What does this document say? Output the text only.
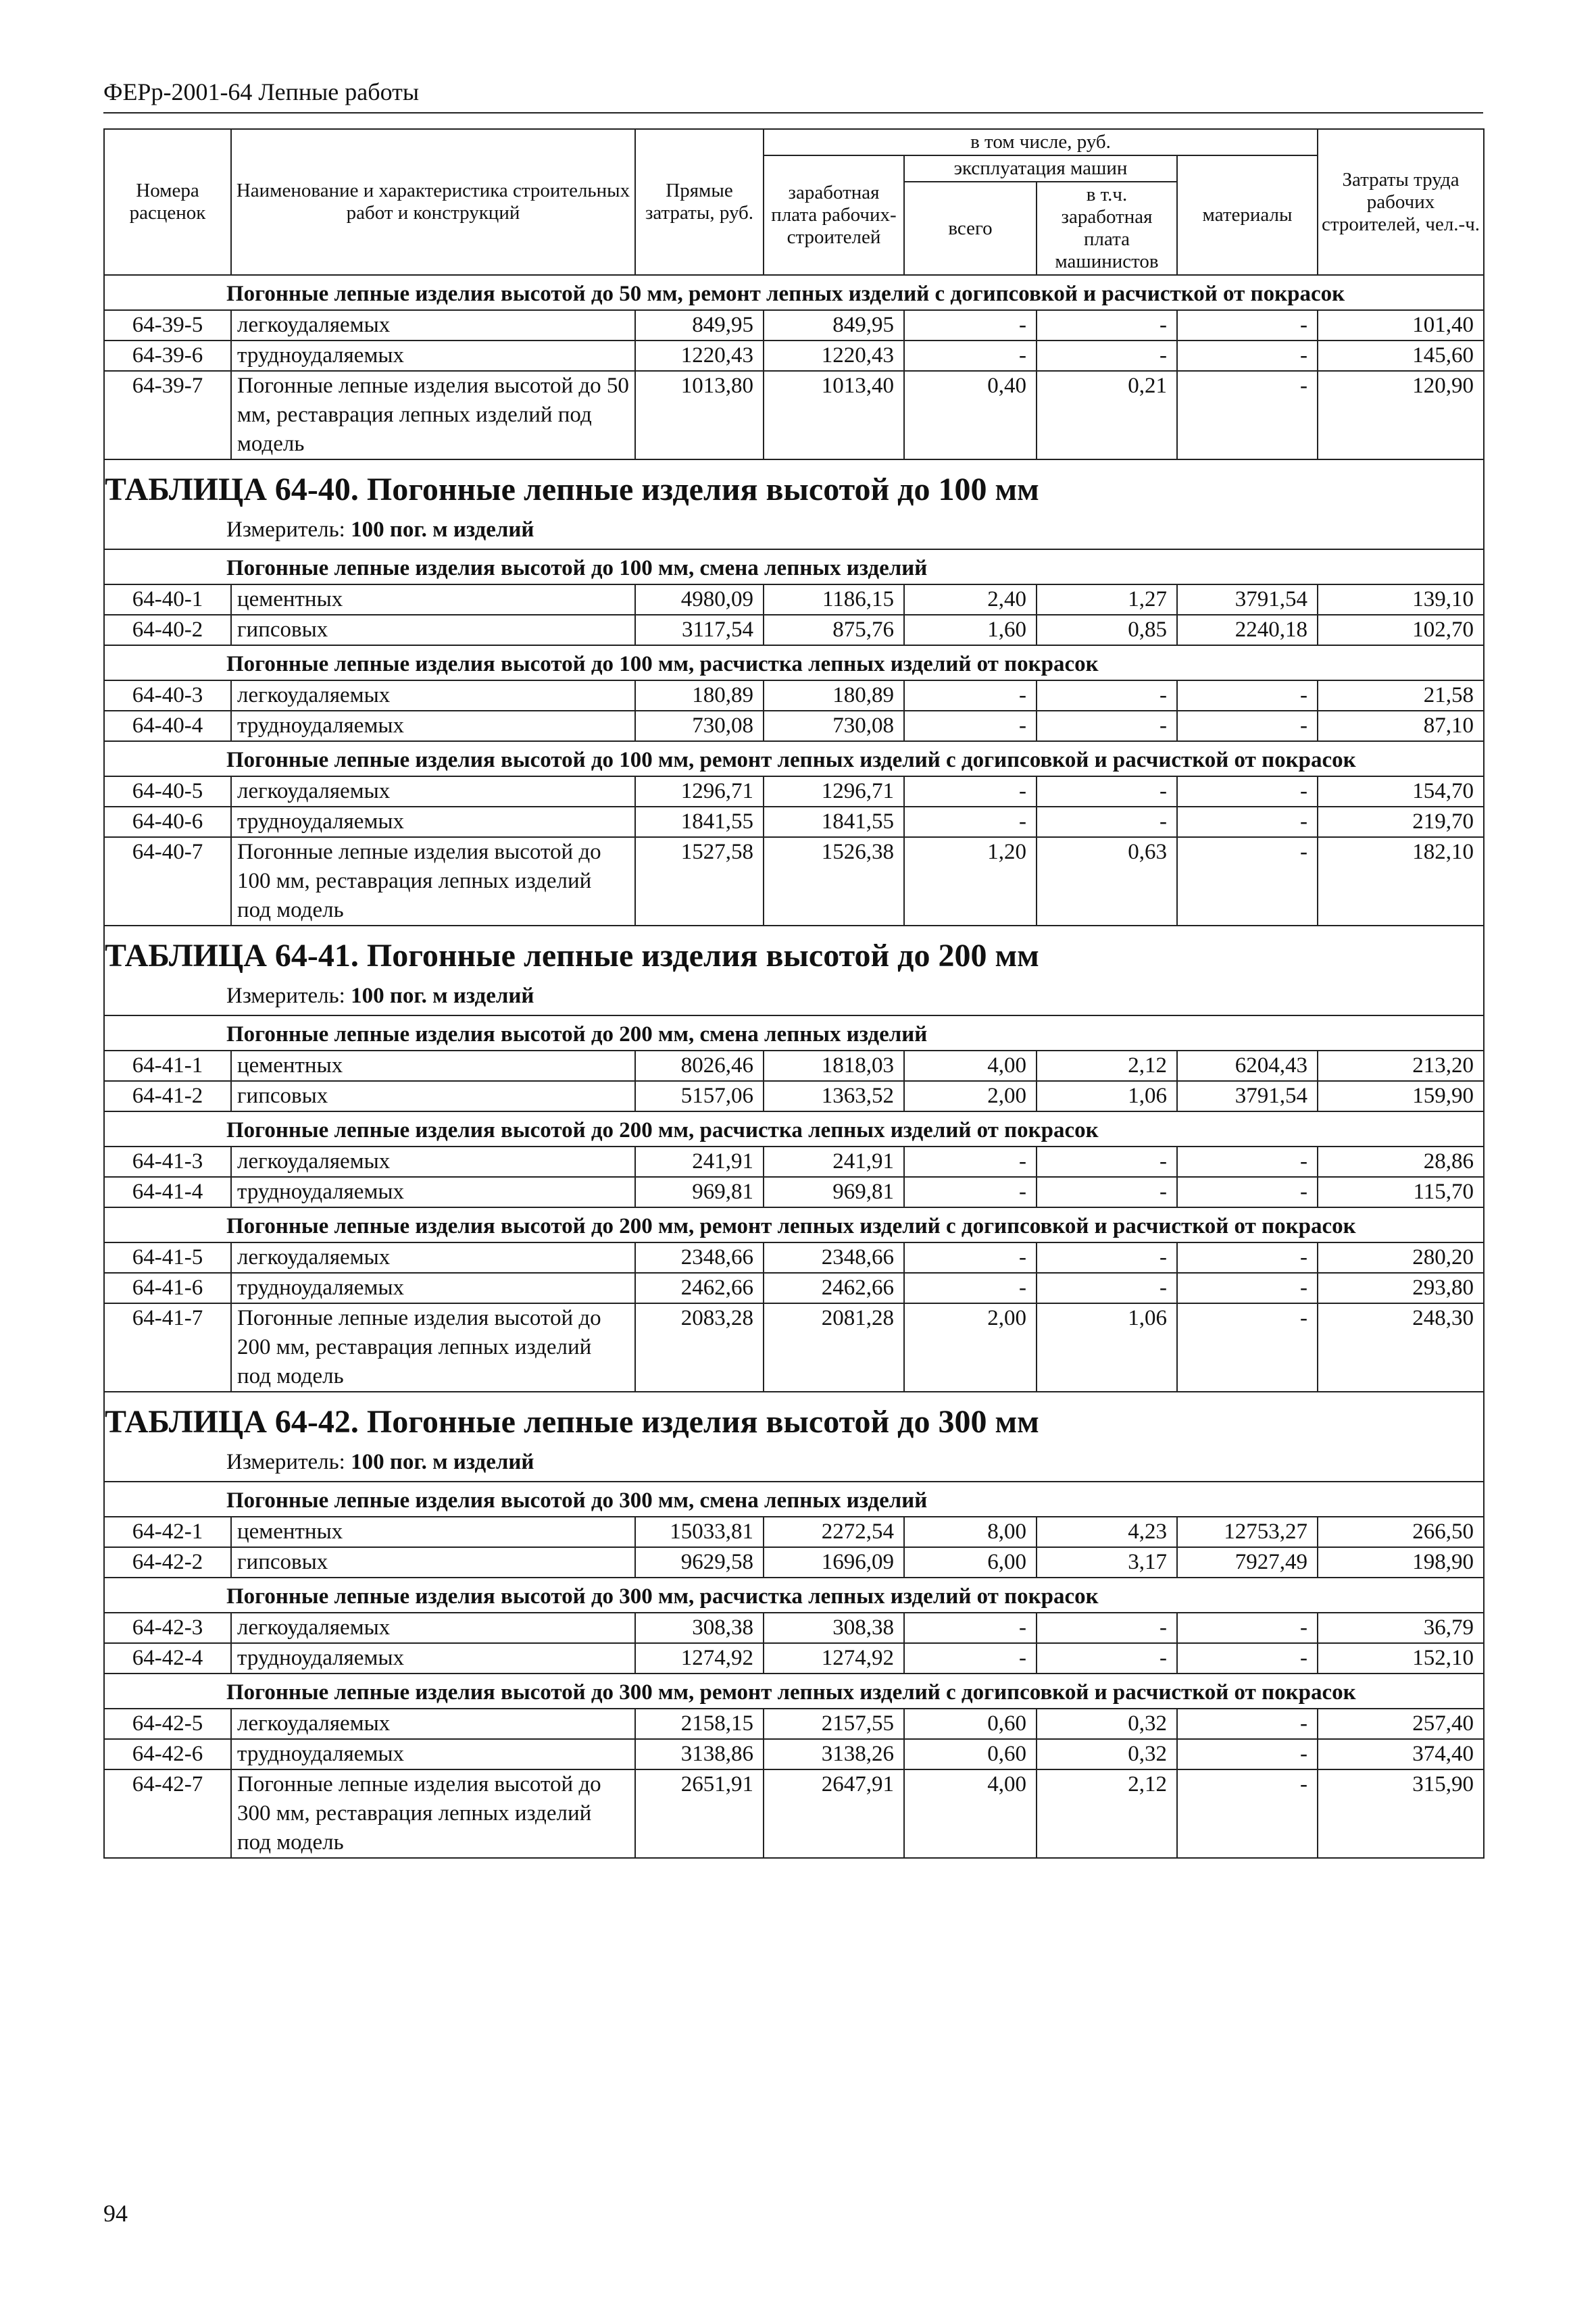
ФЕРр-2001-64 Лепные работы
Номера расценок	Наименование и характеристика строительных работ и конструкций	Прямые затраты, руб.	в том числе, руб.				Затраты труда рабочих строителей, чел.-ч.
			заработная плата рабочих-строителей	эксплуатация машин		материалы	
				всего	в т.ч. заработная плата машинистов		
Погонные лепные изделия высотой до 50 мм, ремонт лепных изделий с догипсовкой и расчисткой от покрасок							
64-39-5	легкоудаляемых	849,95	849,95	-	-	-	101,40
64-39-6	трудноудаляемых	1220,43	1220,43	-	-	-	145,60
64-39-7	Погонные лепные изделия высотой до 50 мм, реставрация лепных изделий под модель	1013,80	1013,40	0,40	0,21	-	120,90
ТАБЛИЦА 64-40. Погонные лепные изделия высотой до 100 мм							
Измеритель: 100 пог. м изделий							
Погонные лепные изделия высотой до 100 мм, смена лепных изделий							
64-40-1	цементных	4980,09	1186,15	2,40	1,27	3791,54	139,10
64-40-2	гипсовых	3117,54	875,76	1,60	0,85	2240,18	102,70
Погонные лепные изделия высотой до 100 мм, расчистка лепных изделий от покрасок							
64-40-3	легкоудаляемых	180,89	180,89	-	-	-	21,58
64-40-4	трудноудаляемых	730,08	730,08	-	-	-	87,10
Погонные лепные изделия высотой до 100 мм, ремонт лепных изделий с догипсовкой и расчисткой от покрасок							
64-40-5	легкоудаляемых	1296,71	1296,71	-	-	-	154,70
64-40-6	трудноудаляемых	1841,55	1841,55	-	-	-	219,70
64-40-7	Погонные лепные изделия высотой до 100 мм, реставрация лепных изделий под модель	1527,58	1526,38	1,20	0,63	-	182,10
ТАБЛИЦА 64-41. Погонные лепные изделия высотой до 200 мм							
Измеритель: 100 пог. м изделий							
Погонные лепные изделия высотой до 200 мм, смена лепных изделий							
64-41-1	цементных	8026,46	1818,03	4,00	2,12	6204,43	213,20
64-41-2	гипсовых	5157,06	1363,52	2,00	1,06	3791,54	159,90
Погонные лепные изделия высотой до 200 мм, расчистка лепных изделий от покрасок							
64-41-3	легкоудаляемых	241,91	241,91	-	-	-	28,86
64-41-4	трудноудаляемых	969,81	969,81	-	-	-	115,70
Погонные лепные изделия высотой до 200 мм, ремонт лепных изделий с догипсовкой и расчисткой от покрасок							
64-41-5	легкоудаляемых	2348,66	2348,66	-	-	-	280,20
64-41-6	трудноудаляемых	2462,66	2462,66	-	-	-	293,80
64-41-7	Погонные лепные изделия высотой до 200 мм, реставрация лепных изделий под модель	2083,28	2081,28	2,00	1,06	-	248,30
ТАБЛИЦА 64-42. Погонные лепные изделия высотой до 300 мм							
Измеритель: 100 пог. м изделий							
Погонные лепные изделия высотой до 300 мм, смена лепных изделий							
64-42-1	цементных	15033,81	2272,54	8,00	4,23	12753,27	266,50
64-42-2	гипсовых	9629,58	1696,09	6,00	3,17	7927,49	198,90
Погонные лепные изделия высотой до 300 мм, расчистка лепных изделий от покрасок							
64-42-3	легкоудаляемых	308,38	308,38	-	-	-	36,79
64-42-4	трудноудаляемых	1274,92	1274,92	-	-	-	152,10
Погонные лепные изделия высотой до 300 мм, ремонт лепных изделий с догипсовкой и расчисткой от покрасок							
64-42-5	легкоудаляемых	2158,15	2157,55	0,60	0,32	-	257,40
64-42-6	трудноудаляемых	3138,86	3138,26	0,60	0,32	-	374,40
64-42-7	Погонные лепные изделия высотой до 300 мм, реставрация лепных изделий под модель	2651,91	2647,91	4,00	2,12	-	315,90
94
